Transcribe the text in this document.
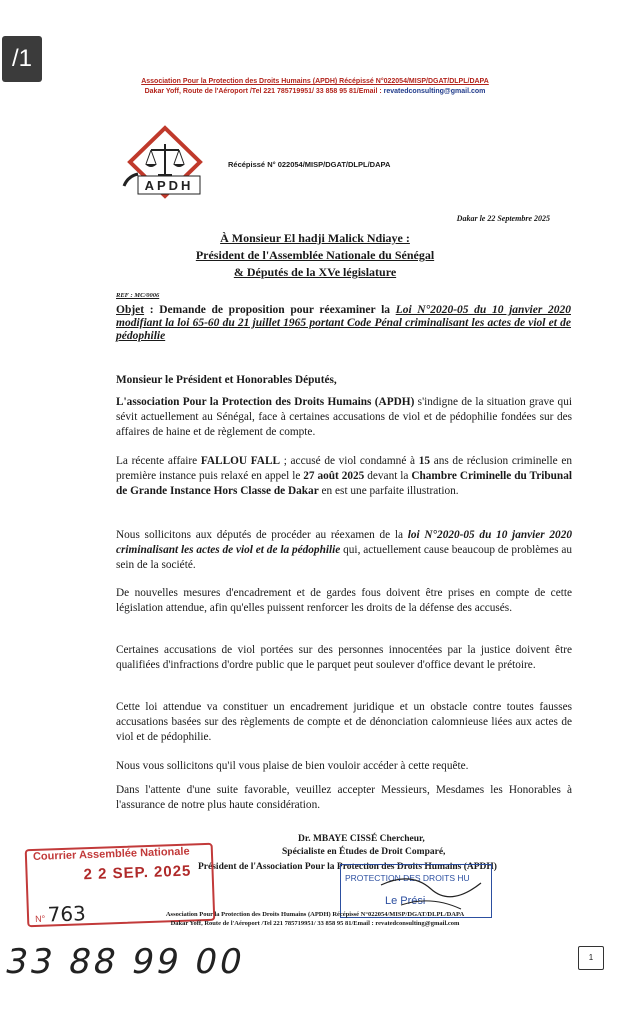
/1
Association Pour la Protection des Droits Humains (APDH) Récépissé N°022054/MISP/DGAT/DLPL/DAPA
Dakar Yoff, Route de l'Aéroport /Tel 221 785719951/ 33 858 95 81/Email : revatedconsulting@gmail.com
APDH
Récépissé N° 022054/MISP/DGAT/DLPL/DAPA
Dakar le 22 Septembre 2025
À Monsieur El hadji Malick Ndiaye :
Président de l'Assemblée Nationale du Sénégal
& Députés de la XVe législature
REF : MC/0006
Objet : Demande de proposition pour réexaminer la Loi N°2020-05 du 10 janvier 2020 modifiant la loi 65-60 du 21 juillet 1965 portant Code Pénal criminalisant les actes de viol et de pédophilie
Monsieur le Président et Honorables Députés,
L'association Pour la Protection des Droits Humains (APDH) s'indigne de la situation grave qui sévit actuellement au Sénégal, face à certaines accusations de viol et de pédophilie fondées sur des affaires de haine et de règlement de compte.
La récente affaire FALLOU FALL ; accusé de viol condamné à 15 ans de réclusion criminelle en première instance puis relaxé en appel le 27 août 2025 devant la Chambre Criminelle du Tribunal de Grande Instance Hors Classe de Dakar en est une parfaite illustration.
Nous sollicitons aux députés de procéder au réexamen de la loi N°2020-05 du 10 janvier 2020 criminalisant les actes de viol et de la pédophilie qui, actuellement cause beaucoup de problèmes au sein de la société.
De nouvelles mesures d'encadrement et de gardes fous doivent être prises en compte de cette législation attendue, afin qu'elles puissent renforcer les droits de la défense des accusés.
Certaines accusations de viol portées sur des personnes innocentées par la justice doivent être qualifiées d'infractions d'ordre public que le parquet peut soulever d'office devant le prétoire.
Cette loi attendue va constituer un encadrement juridique et un obstacle contre toutes fausses accusations basées sur des règlements de compte et de dénonciation calomnieuse liées aux actes de viol et de pédophilie.
Nous vous sollicitons qu'il vous plaise de bien vouloir accéder à cette requête.
Dans l'attente d'une suite favorable, veuillez accepter Messieurs, Mesdames les Honorables à l'assurance de notre plus haute considération.
Dr. MBAYE CISSÉ Chercheur,
Spécialiste en Études de Droit Comparé,
Président de l'Association Pour la Protection des Droits Humains (APDH)
Courrier Assemblée Nationale
2 2 SEP. 2025
N° 763
PROTECTION DES DROITS HU
Le Prési
Association Pour la Protection des Droits Humains (APDH) Récépissé N°022054/MISP/DGAT/DLPL/DAPA
Dakar Yoff, Route de l'Aéroport /Tel 221 785719951/ 33 858 95 81/Email : revatedconsulting@gmail.com
33 88 99 00	1
